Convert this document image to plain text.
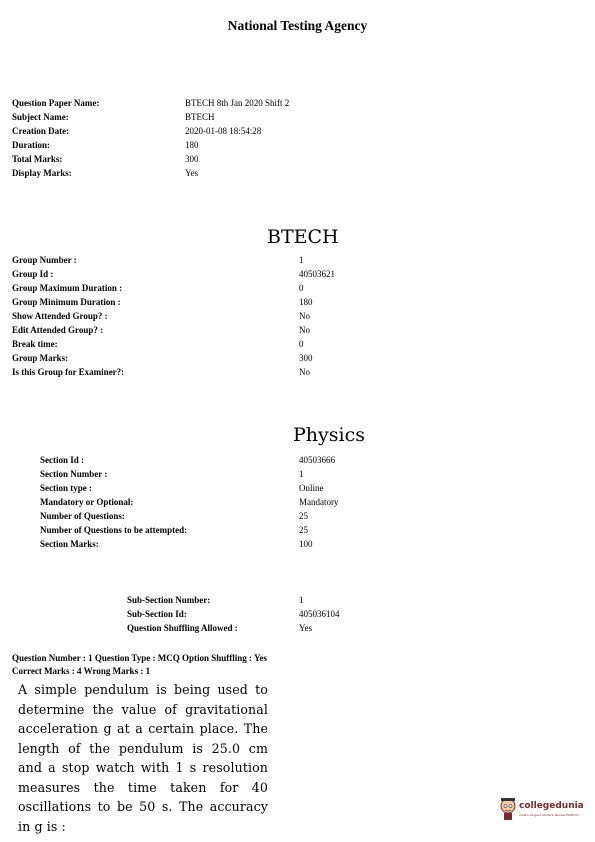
National Testing Agency
Question Paper Name:	BTECH 8th Jan 2020 Shift 2
Subject Name:	BTECH
Creation Date:	2020-01-08 18:54:28
Duration:	180
Total Marks:	300
Display Marks:	Yes
BTECH
Group Number :	1
Group Id :	40503621
Group Maximum Duration :	0
Group Minimum Duration :	180
Show Attended Group? :	No
Edit Attended Group? :	No
Break time:	0
Group Marks:	300
Is this Group for Examiner?:	No
Physics
Section Id :	40503666
Section Number :	1
Section type :	Online
Mandatory or Optional:	Mandatory
Number of Questions:	25
Number of Questions to be attempted:	25
Section Marks:	100
Sub-Section Number:	1
Sub-Section Id:	405036104
Question Shuffling Allowed :	Yes
Question Number : 1 Question Type : MCQ Option Shuffling : Yes
Correct Marks : 4 Wrong Marks : 1
A simple pendulum is being used to determine the value of gravitational acceleration g at a certain place. The length of the pendulum is 25.0 cm and a stop watch with 1 s resolution measures the time taken for 40 oscillations to be 50 s. The accuracy in g is :
collegedunia
India's Largest Student Review Platform
